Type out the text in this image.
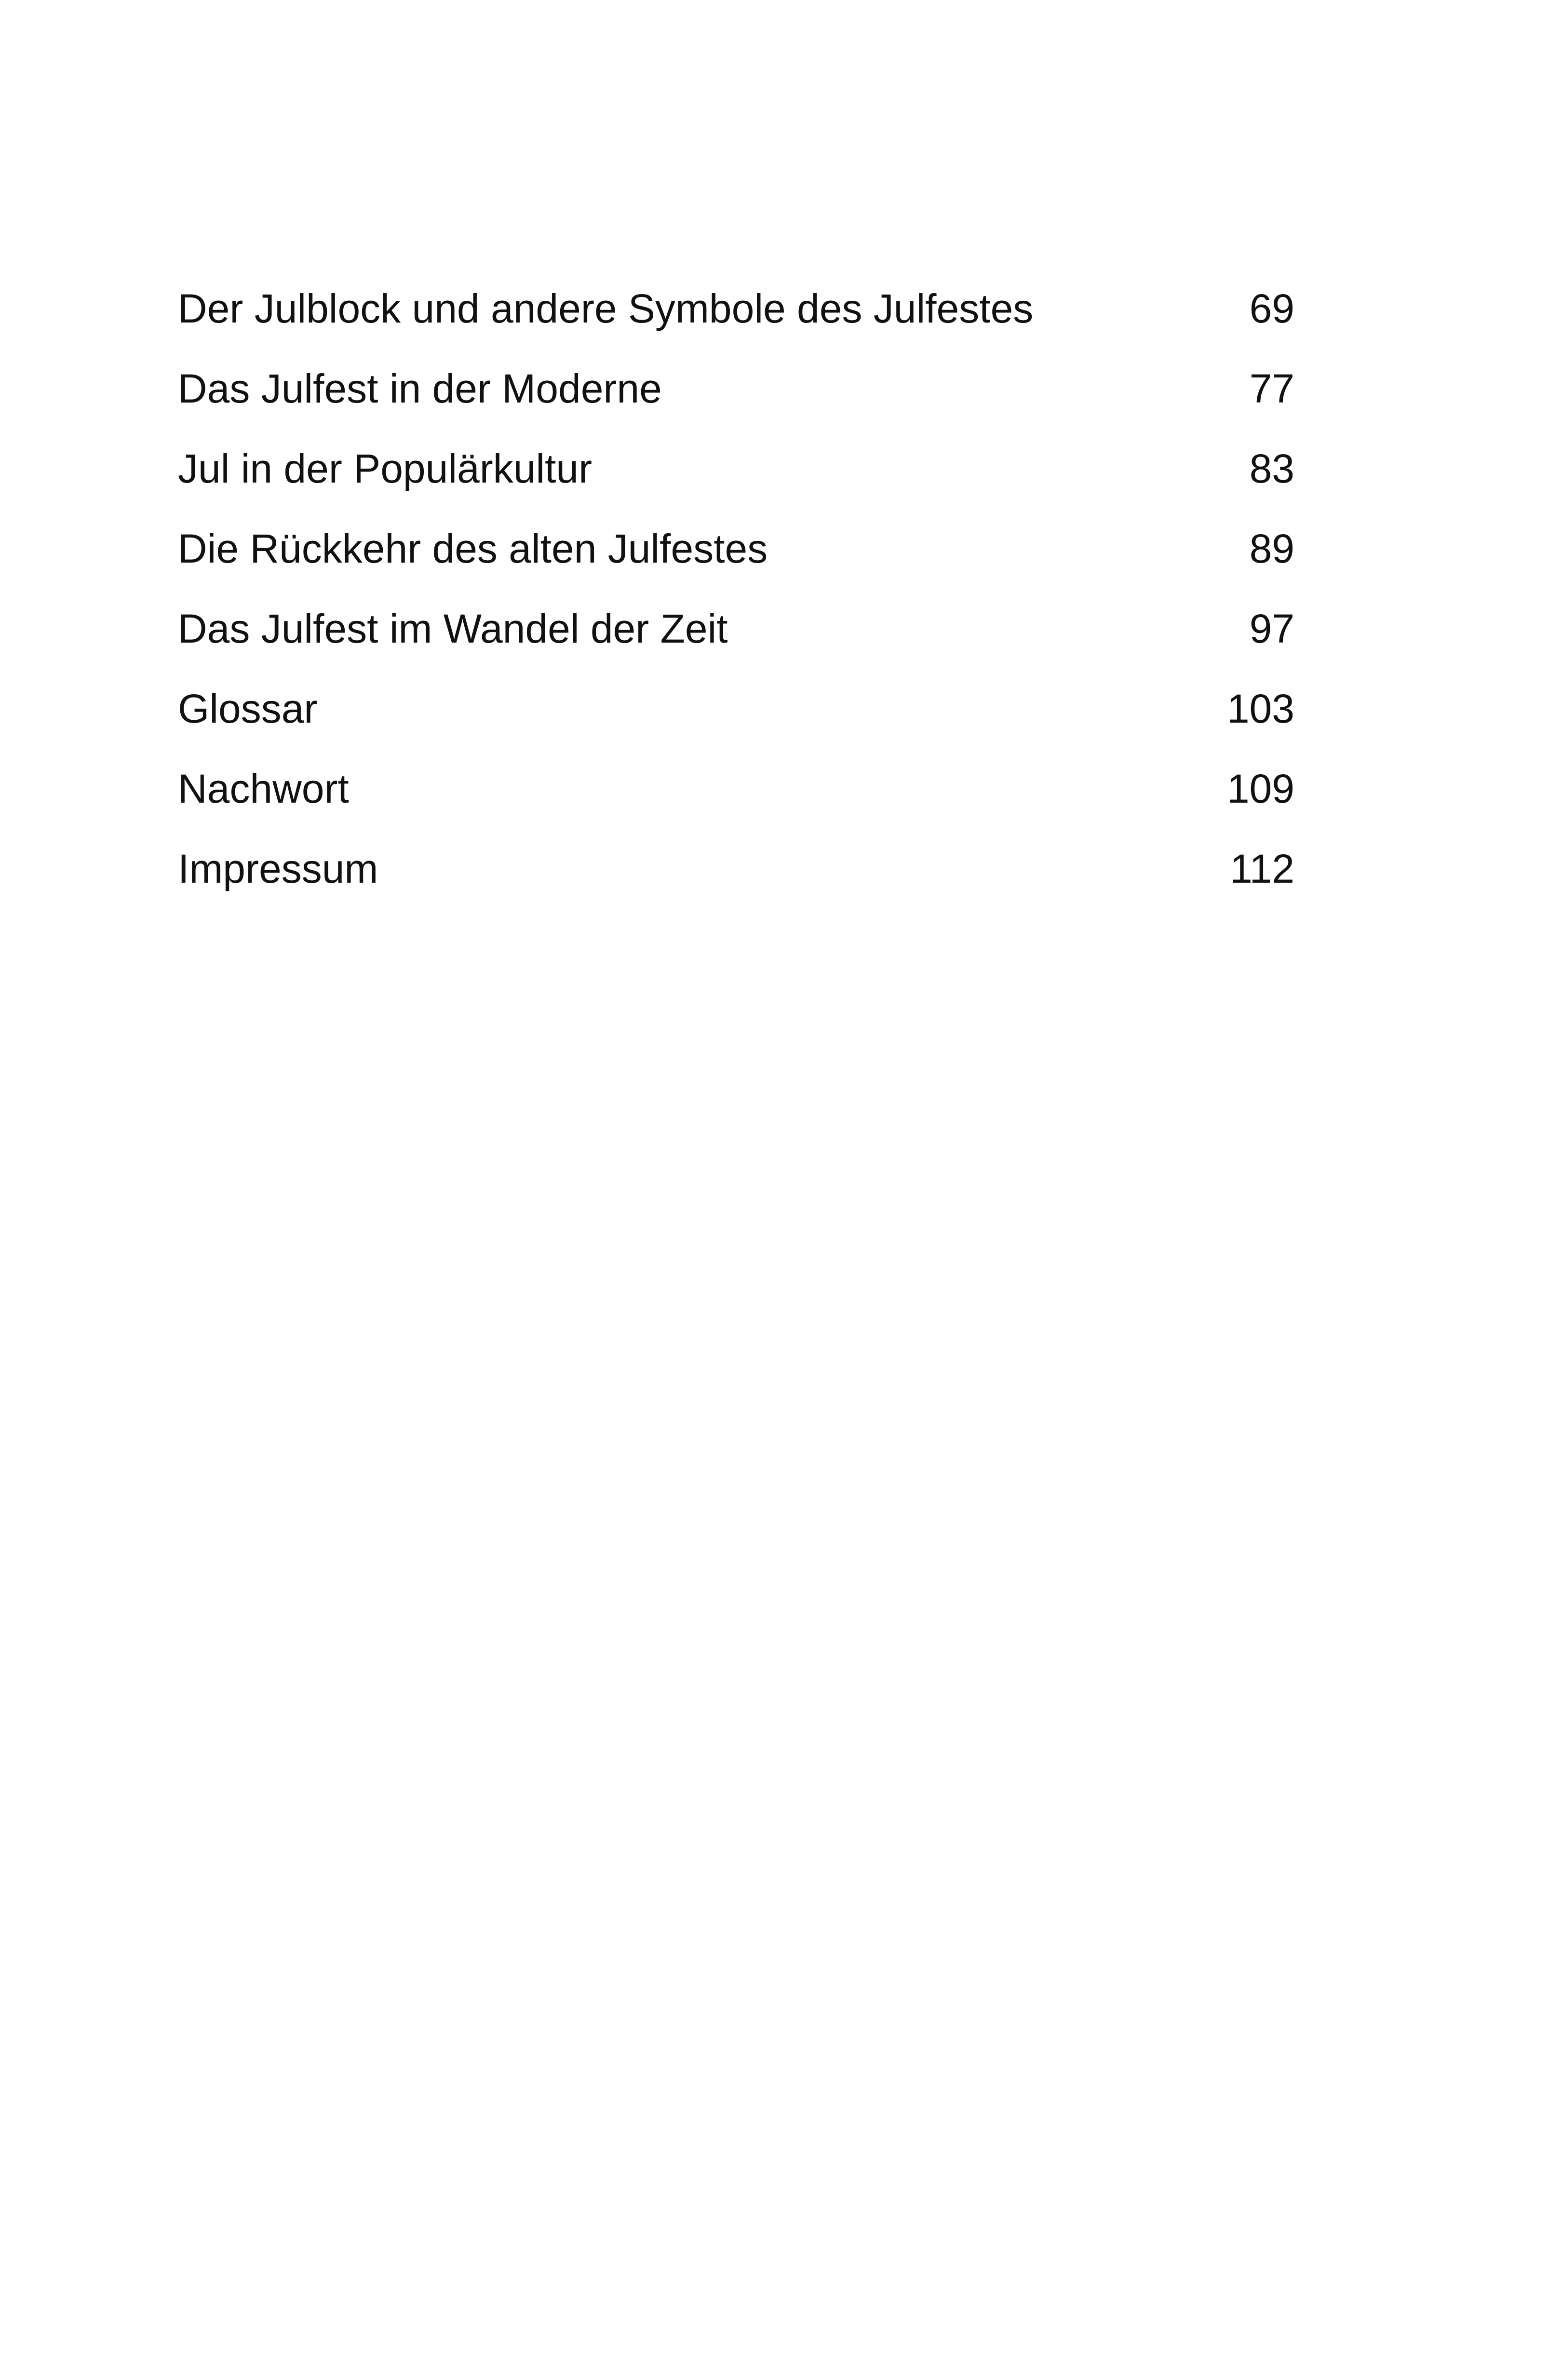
Der Julblock und andere Symbole des Julfestes	69
Das Julfest in der Moderne	77
Jul in der Populärkultur	83
Die Rückkehr des alten Julfestes	89
Das Julfest im Wandel der Zeit	97
Glossar	103
Nachwort	109
Impressum	112
